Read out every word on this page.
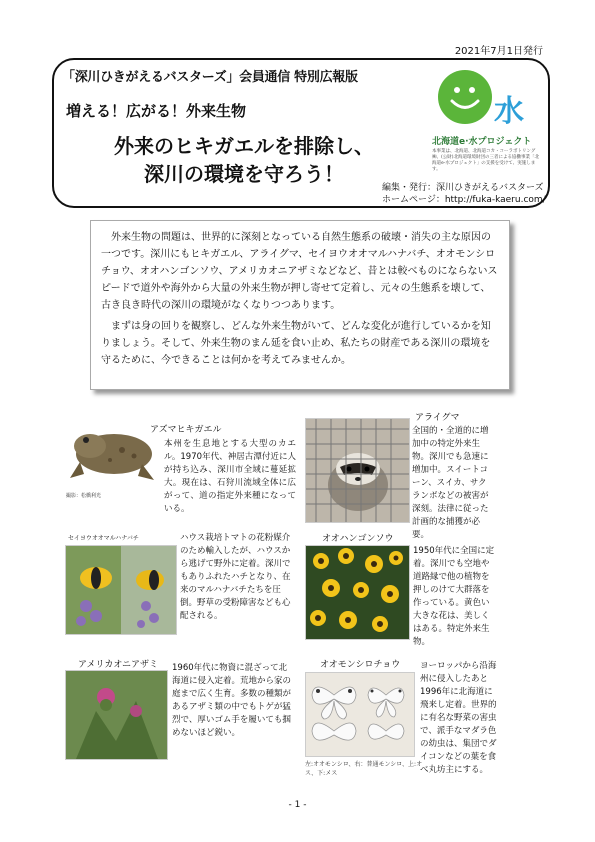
2021年7月1日発行
「深川ひきがえるバスターズ」会員通信 特別広報版
増える！広がる！外来生物
外来のヒキガエルを排除し、
深川の環境を守ろう！
編集・発行：深川ひきがえるバスターズ
ホームページ：http://fuka-kaeru.com/
水
北海道e·水プロジェクト
本事業は、北海道、北海道コカ・コーラボトリング㈱、(公財)北海道環境財団の三者による協働事業「北海道e-水プロジェクト」の支援を受けて、実施します。

外来生物の問題は、世界的に深刻となっている自然生態系の破壊・消失の主な原因の一つです。深川にもヒキガエル、アライグマ、セイヨウオオマルハナバチ、オオモンシロチョウ、オオハンゴンソウ、アメリカオニアザミなどなど、昔とは較べものにならないスピードで道外や海外から大量の外来生物が押し寄せて定着し、元々の生態系を壊して、古き良き時代の深川の環境がなくなりつつあります。

まずは身の回りを観察し、どんな外来生物がいて、どんな変化が進行しているかを知りましょう。そして、外来生物のまん延を食い止め、私たちの財産である深川の環境を守るために、今できることは何かを考えてみませんか。

アズマヒキガエル
撮影：松橋利光
本州を生息地とする大型のカエル。1970年代、神居古潭付近に人が持ち込み、深川市全域に蔓延拡大。現在は、石狩川流域全体に広がって、道の指定外来種になっている。
アライグマ
全国的・全道的に増加中の特定外来生物。深川でも急速に増加中。スイートコーン、スイカ、サクランボなどの被害が深刻。法律に従った計画的な捕獲が必要。
セイヨウオオマルハナバチ	ハウス栽培トマトの花粉媒介のため輸入したが、ハウスから逃げて野外に定着。深川でもありふれたハチとなり、在来のマルハナバチたちを圧倒。野草の受粉障害なども心配される。
オオハンゴンソウ
1950年代に全国に定着。深川でも空地や道路縁で他の植物を押しのけて大群落を作っている。黄色い大きな花は、美しくはある。特定外来生物。
アメリカオニアザミ 1960年代に物資に混ざって北海道に侵入定着。荒地から家の庭まで広く生育。多数の種類があるアザミ類の中でもトゲが猛烈で、厚いゴム手を履いても掴めないほど鋭い。
オオモンシロチョウ
左:オオモンシロ、右：普通モンシロ、上:オス、下:メス
ヨーロッパから沿海州に侵入したあと1996年に北海道に飛来し定着。世界的に有名な野菜の害虫で、派手なマダラ色の幼虫は、集団でダイコンなどの葉を食べ丸坊主にする。
- 1 -
